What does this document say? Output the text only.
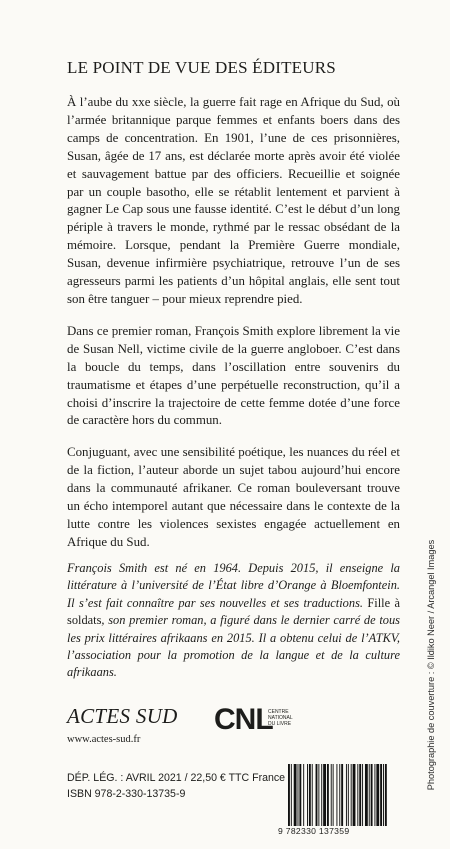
LE POINT DE VUE DES ÉDITEURS

À l’aube du xxe siècle, la guerre fait rage en Afrique du Sud, où l’armée britannique parque femmes et enfants boers dans des camps de concentration. En 1901, l’une de ces prisonnières, Susan, âgée de 17 ans, est déclarée morte après avoir été violée et sauvagement battue par des officiers. Recueillie et soignée par un couple basotho, elle se rétablit lentement et parvient à gagner Le Cap sous une fausse identité. C’est le début d’un long périple à travers le monde, rythmé par le ressac obsédant de la mémoire. Lorsque, pendant la Première Guerre mondiale, Susan, devenue infirmière psychiatrique, retrouve l’un de ses agresseurs parmi les patients d’un hôpital anglais, elle sent tout son être tanguer – pour mieux reprendre pied.

Dans ce premier roman, François Smith explore librement la vie de Susan Nell, victime civile de la guerre angloboer. C’est dans la boucle du temps, dans l’oscillation entre souvenirs du traumatisme et étapes d’une perpétuelle reconstruction, qu’il a choisi d’inscrire la trajectoire de cette femme dotée d’une force de caractère hors du commun.

Conjuguant, avec une sensibilité poétique, les nuances du réel et de la fiction, l’auteur aborde un sujet tabou aujourd’hui encore dans la communauté afrikaner. Ce roman bouleversant trouve un écho intemporel autant que nécessaire dans le contexte de la lutte contre les violences sexistes engagée actuellement en Afrique du Sud.

François Smith est né en 1964. Depuis 2015, il enseigne la littérature à l’université de l’État libre d’Orange à Bloemfontein. Il s’est fait connaître par ses nouvelles et ses traductions. Fille à soldats, son premier roman, a figuré dans le dernier carré de tous les prix littéraires afrikaans en 2015. Il a obtenu celui de l’ATKV, l’association pour la promotion de la langue et de la culture afrikaans.	Photographie de couverture : © Ildiko Neer / Arcangel Images
ACTES SUD
www.actes-sud.fr
CNL
CENTRE
NATIONAL
DU LIVRE
DÉP. LÉG. : AVRIL 2021 / 22,50 € TTC France
ISBN 978-2-330-13735-9
9 782330 137359
